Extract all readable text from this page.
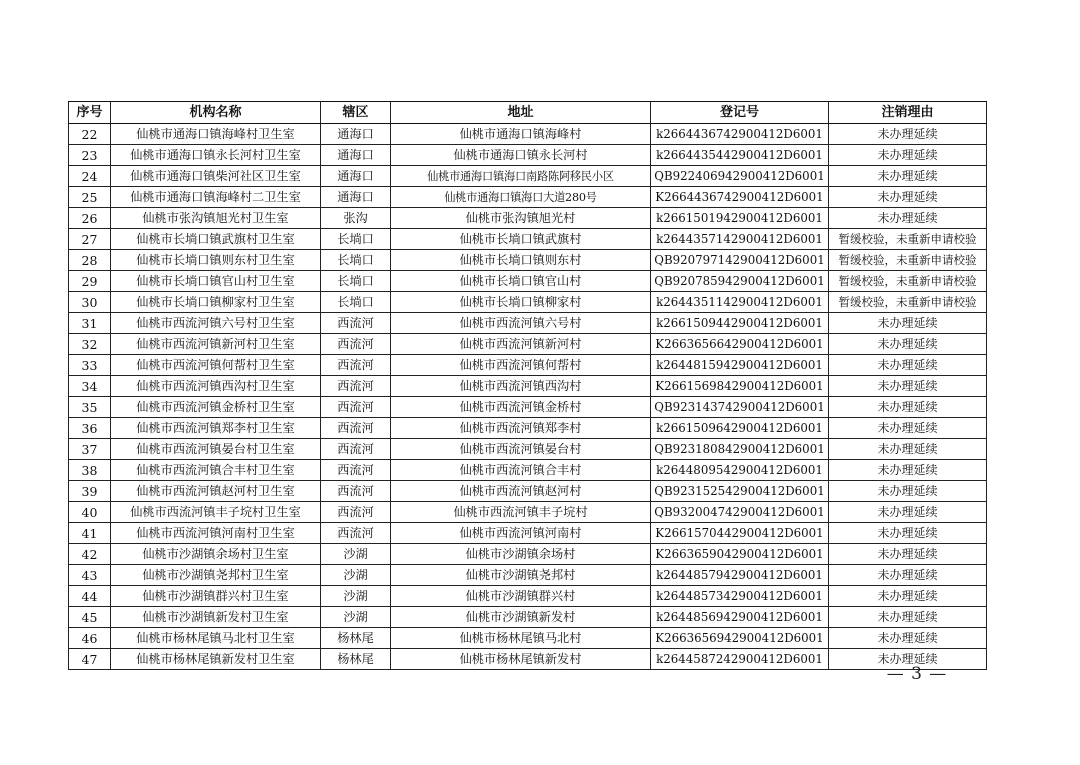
序号	机构名称	辖区	地址	登记号	注销理由
22	仙桃市通海口镇海峰村卫生室	通海口	仙桃市通海口镇海峰村	k2664436742900412D6001	未办理延续
23	仙桃市通海口镇永长河村卫生室	通海口	仙桃市通海口镇永长河村	k2664435442900412D6001	未办理延续
24	仙桃市通海口镇柴河社区卫生室	通海口	仙桃市通海口镇海口南路陈阿移民小区	QB922406942900412D6001	未办理延续
25	仙桃市通海口镇海峰村二卫生室	通海口	仙桃市通海口镇海口大道280号	K2664436742900412D6001	未办理延续
26	仙桃市张沟镇旭光村卫生室	张沟	仙桃市张沟镇旭光村	k2661501942900412D6001	未办理延续
27	仙桃市长埫口镇武旗村卫生室	长埫口	仙桃市长埫口镇武旗村	k2644357142900412D6001	暂缓校验，未重新申请校验
28	仙桃市长埫口镇则东村卫生室	长埫口	仙桃市长埫口镇则东村	QB920797142900412D6001	暂缓校验，未重新申请校验
29	仙桃市长埫口镇官山村卫生室	长埫口	仙桃市长埫口镇官山村	QB920785942900412D6001	暂缓校验，未重新申请校验
30	仙桃市长埫口镇柳家村卫生室	长埫口	仙桃市长埫口镇柳家村	k2644351142900412D6001	暂缓校验，未重新申请校验
31	仙桃市西流河镇六号村卫生室	西流河	仙桃市西流河镇六号村	k2661509442900412D6001	未办理延续
32	仙桃市西流河镇新河村卫生室	西流河	仙桃市西流河镇新河村	K2663656642900412D6001	未办理延续
33	仙桃市西流河镇何帮村卫生室	西流河	仙桃市西流河镇何帮村	k2644815942900412D6001	未办理延续
34	仙桃市西流河镇西沟村卫生室	西流河	仙桃市西流河镇西沟村	K2661569842900412D6001	未办理延续
35	仙桃市西流河镇金桥村卫生室	西流河	仙桃市西流河镇金桥村	QB923143742900412D6001	未办理延续
36	仙桃市西流河镇郑李村卫生室	西流河	仙桃市西流河镇郑李村	k2661509642900412D6001	未办理延续
37	仙桃市西流河镇晏台村卫生室	西流河	仙桃市西流河镇晏台村	QB923180842900412D6001	未办理延续
38	仙桃市西流河镇合丰村卫生室	西流河	仙桃市西流河镇合丰村	k2644809542900412D6001	未办理延续
39	仙桃市西流河镇赵河村卫生室	西流河	仙桃市西流河镇赵河村	QB923152542900412D6001	未办理延续
40	仙桃市西流河镇丰子垸村卫生室	西流河	仙桃市西流河镇丰子垸村	QB932004742900412D6001	未办理延续
41	仙桃市西流河镇河南村卫生室	西流河	仙桃市西流河镇河南村	K2661570442900412D6001	未办理延续
42	仙桃市沙湖镇余场村卫生室	沙湖	仙桃市沙湖镇余场村	K2663659042900412D6001	未办理延续
43	仙桃市沙湖镇尧邦村卫生室	沙湖	仙桃市沙湖镇尧邦村	k2644857942900412D6001	未办理延续
44	仙桃市沙湖镇群兴村卫生室	沙湖	仙桃市沙湖镇群兴村	k2644857342900412D6001	未办理延续
45	仙桃市沙湖镇新发村卫生室	沙湖	仙桃市沙湖镇新发村	k2644856942900412D6001	未办理延续
46	仙桃市杨林尾镇马北村卫生室	杨林尾	仙桃市杨林尾镇马北村	K2663656942900412D6001	未办理延续
47	仙桃市杨林尾镇新发村卫生室	杨林尾	仙桃市杨林尾镇新发村	k2644587242900412D6001	未办理延续
— 3 —
